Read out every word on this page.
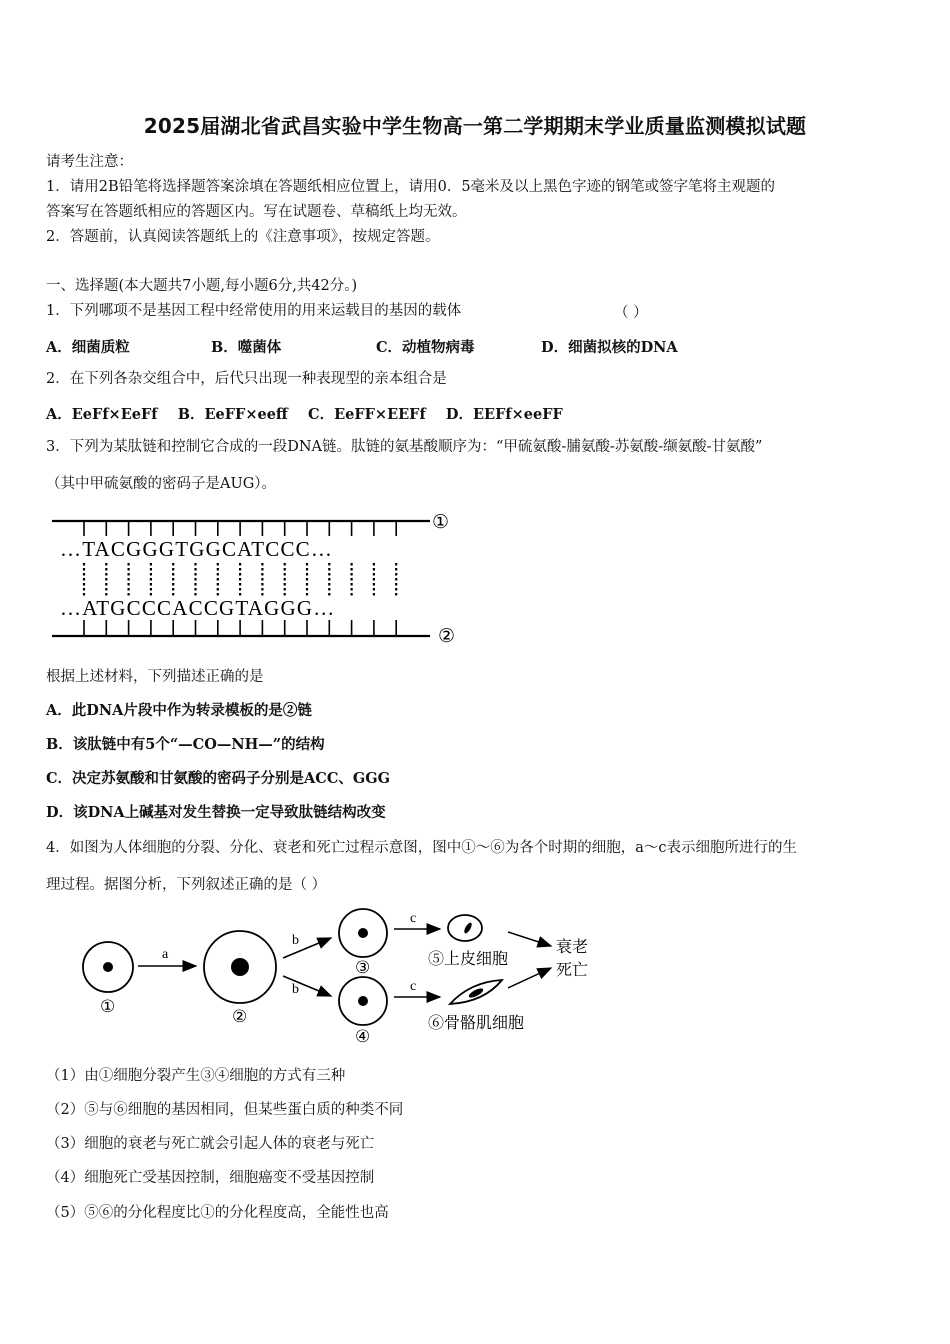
2025届湖北省武昌实验中学生物高一第二学期期末学业质量监测模拟试题
请考生注意：
1．请用2B铅笔将选择题答案涂填在答题纸相应位置上，请用0．5毫米及以上黑色字迹的钢笔或签字笔将主观题的
答案写在答题纸相应的答题区内。写在试题卷、草稿纸上均无效。
2．答题前，认真阅读答题纸上的《注意事项》，按规定答题。
一、选择题(本大题共7小题,每小题6分,共42分。)
1．下列哪项不是基因工程中经常使用的用来运载目的基因的载体	（ ）
A．细菌质粒	B．噬菌体	C．动植物病毒	D．细菌拟核的DNA
2．在下列各杂交组合中，后代只出现一种表现型的亲本组合是
A．EeFf×EeFf    B．EeFF×eeff    C．EeFF×EEFf    D．EEFf×eeFF
3．下列为某肽链和控制它合成的一段DNA链。肽链的氨基酸顺序为：“甲硫氨酸-脯氨酸-苏氨酸-缬氨酸-甘氨酸”
（其中甲硫氨酸的密码子是AUG）。
…TACGGGTGGCATCCC…
…ATGCCCACCGTAGGG…
①
②
根据上述材料，下列描述正确的是
A．此DNA片段中作为转录模板的是②链
B．该肽链中有5个“—CO—NH—”的结构
C．决定苏氨酸和甘氨酸的密码子分别是ACC、GGG
D．该DNA上碱基对发生替换一定导致肽链结构改变
4．如图为人体细胞的分裂、分化、衰老和死亡过程示意图，图中①～⑥为各个时期的细胞，a～c表示细胞所进行的生
理过程。据图分析，下列叙述正确的是（ ）
①
a
②
b
b
③
④
c
c
⑤上皮细胞
⑥骨骼肌细胞
衰老
死亡
（1）由①细胞分裂产生③④细胞的方式有三种
（2）⑤与⑥细胞的基因相同，但某些蛋白质的种类不同
（3）细胞的衰老与死亡就会引起人体的衰老与死亡
（4）细胞死亡受基因控制，细胞癌变不受基因控制
（5）⑤⑥的分化程度比①的分化程度高，全能性也高
